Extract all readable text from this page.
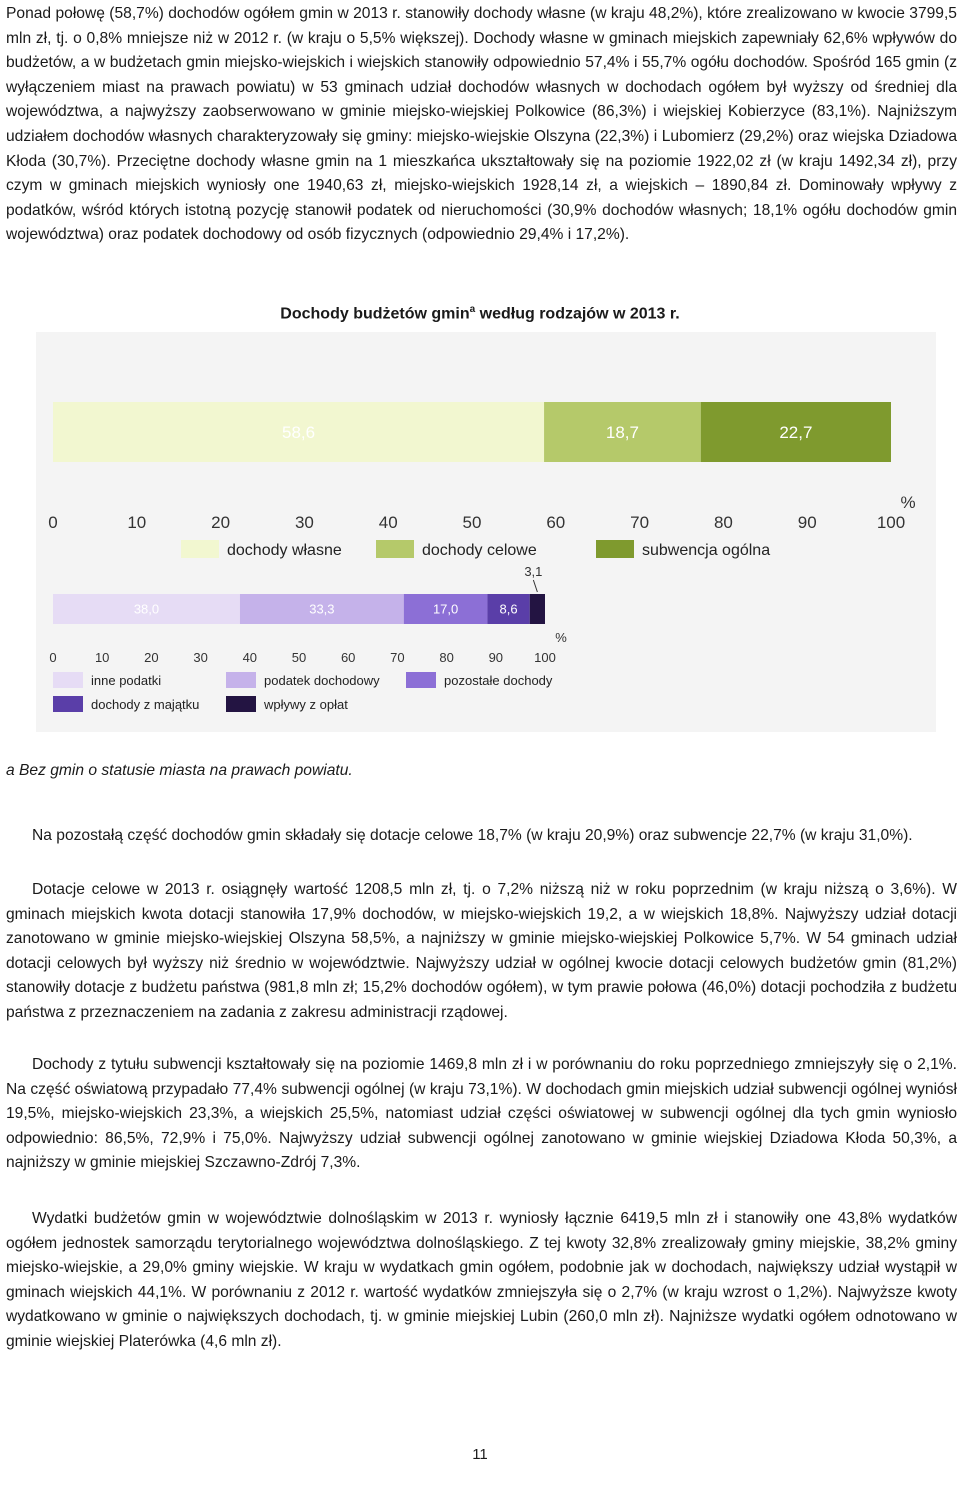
Ponad połowę (58,7%) dochodów ogółem gmin w 2013 r. stanowiły dochody własne (w kraju 48,2%), które zrealizowano w kwocie 3799,5 mln zł, tj. o 0,8% mniejsze niż w 2012 r. (w kraju o 5,5% większej). Dochody własne w gminach miejskich zapewniały 62,6% wpływów do budżetów, a w budżetach gmin miejsko-wiejskich i wiejskich stanowiły odpowiednio 57,4% i 55,7% ogółu dochodów. Spośród 165 gmin (z wyłączeniem miast na prawach powiatu) w 53 gminach udział dochodów własnych w dochodach ogółem był wyższy od średniej dla województwa, a najwyższy zaobserwowano w gminie miejsko-wiejskiej Polkowice (86,3%) i wiejskiej Kobierzyce (83,1%). Najniższym udziałem dochodów własnych charakteryzowały się gminy: miejsko-wiejskie Olszyna (22,3%) i Lubomierz (29,2%) oraz wiejska Dziadowa Kłoda (30,7%). Przeciętne dochody własne gmin na 1 mieszkańca ukształtowały się na poziomie 1922,02 zł (w kraju 1492,34 zł), przy czym w gminach miejskich wyniosły one 1940,63 zł, miejsko-wiejskich 1928,14 zł, a wiejskich – 1890,84 zł. Dominowały wpływy z podatków, wśród których istotną pozycję stanowił podatek od nieruchomości (30,9% dochodów własnych; 18,1% ogółu dochodów gmin województwa) oraz podatek dochodowy od osób fizycznych (odpowiednio 29,4% i 17,2%).

Dochody budżetów gmin$^a$ według rodzajów w 2013 r.
58,6	18,7	22,7
0	10	20	30	40	50	60	70	80	90	100
%
dochody własne	dochody celowe	subwencja ogólna
38,0	33,3	17,0	8,6
3,1
0	10	20	30	40	50	60	70	80	90 100
%
inne podatki	podatek dochodowy	pozostałe dochody
dochody z majątku	wpływy z opłat
a Bez gmin o statusie miasta na prawach powiatu.

Na pozostałą część dochodów gmin składały się dotacje celowe 18,7% (w kraju 20,9%) oraz subwencje 22,7% (w kraju 31,0%).

Dotacje celowe w 2013 r. osiągnęły wartość 1208,5 mln zł, tj. o 7,2% niższą niż w roku poprzednim (w kraju niższą o 3,6%). W gminach miejskich kwota dotacji stanowiła 17,9% dochodów, w miejsko-wiejskich 19,2, a w wiejskich 18,8%. Najwyższy udział dotacji zanotowano w gminie miejsko-wiejskiej Olszyna 58,5%, a najniższy w gminie miejsko-wiejskiej Polkowice 5,7%. W 54 gminach udział dotacji celowych był wyższy niż średnio w województwie. Najwyższy udział w ogólnej kwocie dotacji celowych budżetów gmin (81,2%) stanowiły dotacje z budżetu państwa (981,8 mln zł; 15,2% dochodów ogółem), w tym prawie połowa (46,0%) dotacji pochodziła z budżetu państwa z przeznaczeniem na zadania z zakresu administracji rządowej.

Dochody z tytułu subwencji kształtowały się na poziomie 1469,8 mln zł i w porównaniu do roku poprzedniego zmniejszyły się o 2,1%. Na część oświatową przypadało 77,4% subwencji ogólnej (w kraju 73,1%). W dochodach gmin miejskich udział subwencji ogólnej wyniósł 19,5%, miejsko-wiejskich 23,3%, a wiejskich 25,5%, natomiast udział części oświatowej w subwencji ogólnej dla tych gmin wyniosło odpowiednio: 86,5%, 72,9% i 75,0%. Najwyższy udział subwencji ogólnej zanotowano w gminie wiejskiej Dziadowa Kłoda 50,3%, a najniższy w gminie miejskiej Szczawno-Zdrój 7,3%.

Wydatki budżetów gmin w województwie dolnośląskim w 2013 r. wyniosły łącznie 6419,5 mln zł i stanowiły one 43,8% wydatków ogółem jednostek samorządu terytorialnego województwa dolnośląskiego. Z tej kwoty 32,8% zrealizowały gminy miejskie, 38,2% gminy miejsko-wiejskie, a 29,0% gminy wiejskie. W kraju w wydatkach gmin ogółem, podobnie jak w dochodach, największy udział wystąpił w gminach wiejskich 44,1%. W porównaniu z 2012 r. wartość wydatków zmniejszyła się o 2,7% (w kraju wzrost o 1,2%). Najwyższe kwoty wydatkowano w gminie o największych dochodach, tj. w gminie miejskiej Lubin (260,0 mln zł). Najniższe wydatki ogółem odnotowano w gminie wiejskiej Platerówka (4,6 mln zł).

11
